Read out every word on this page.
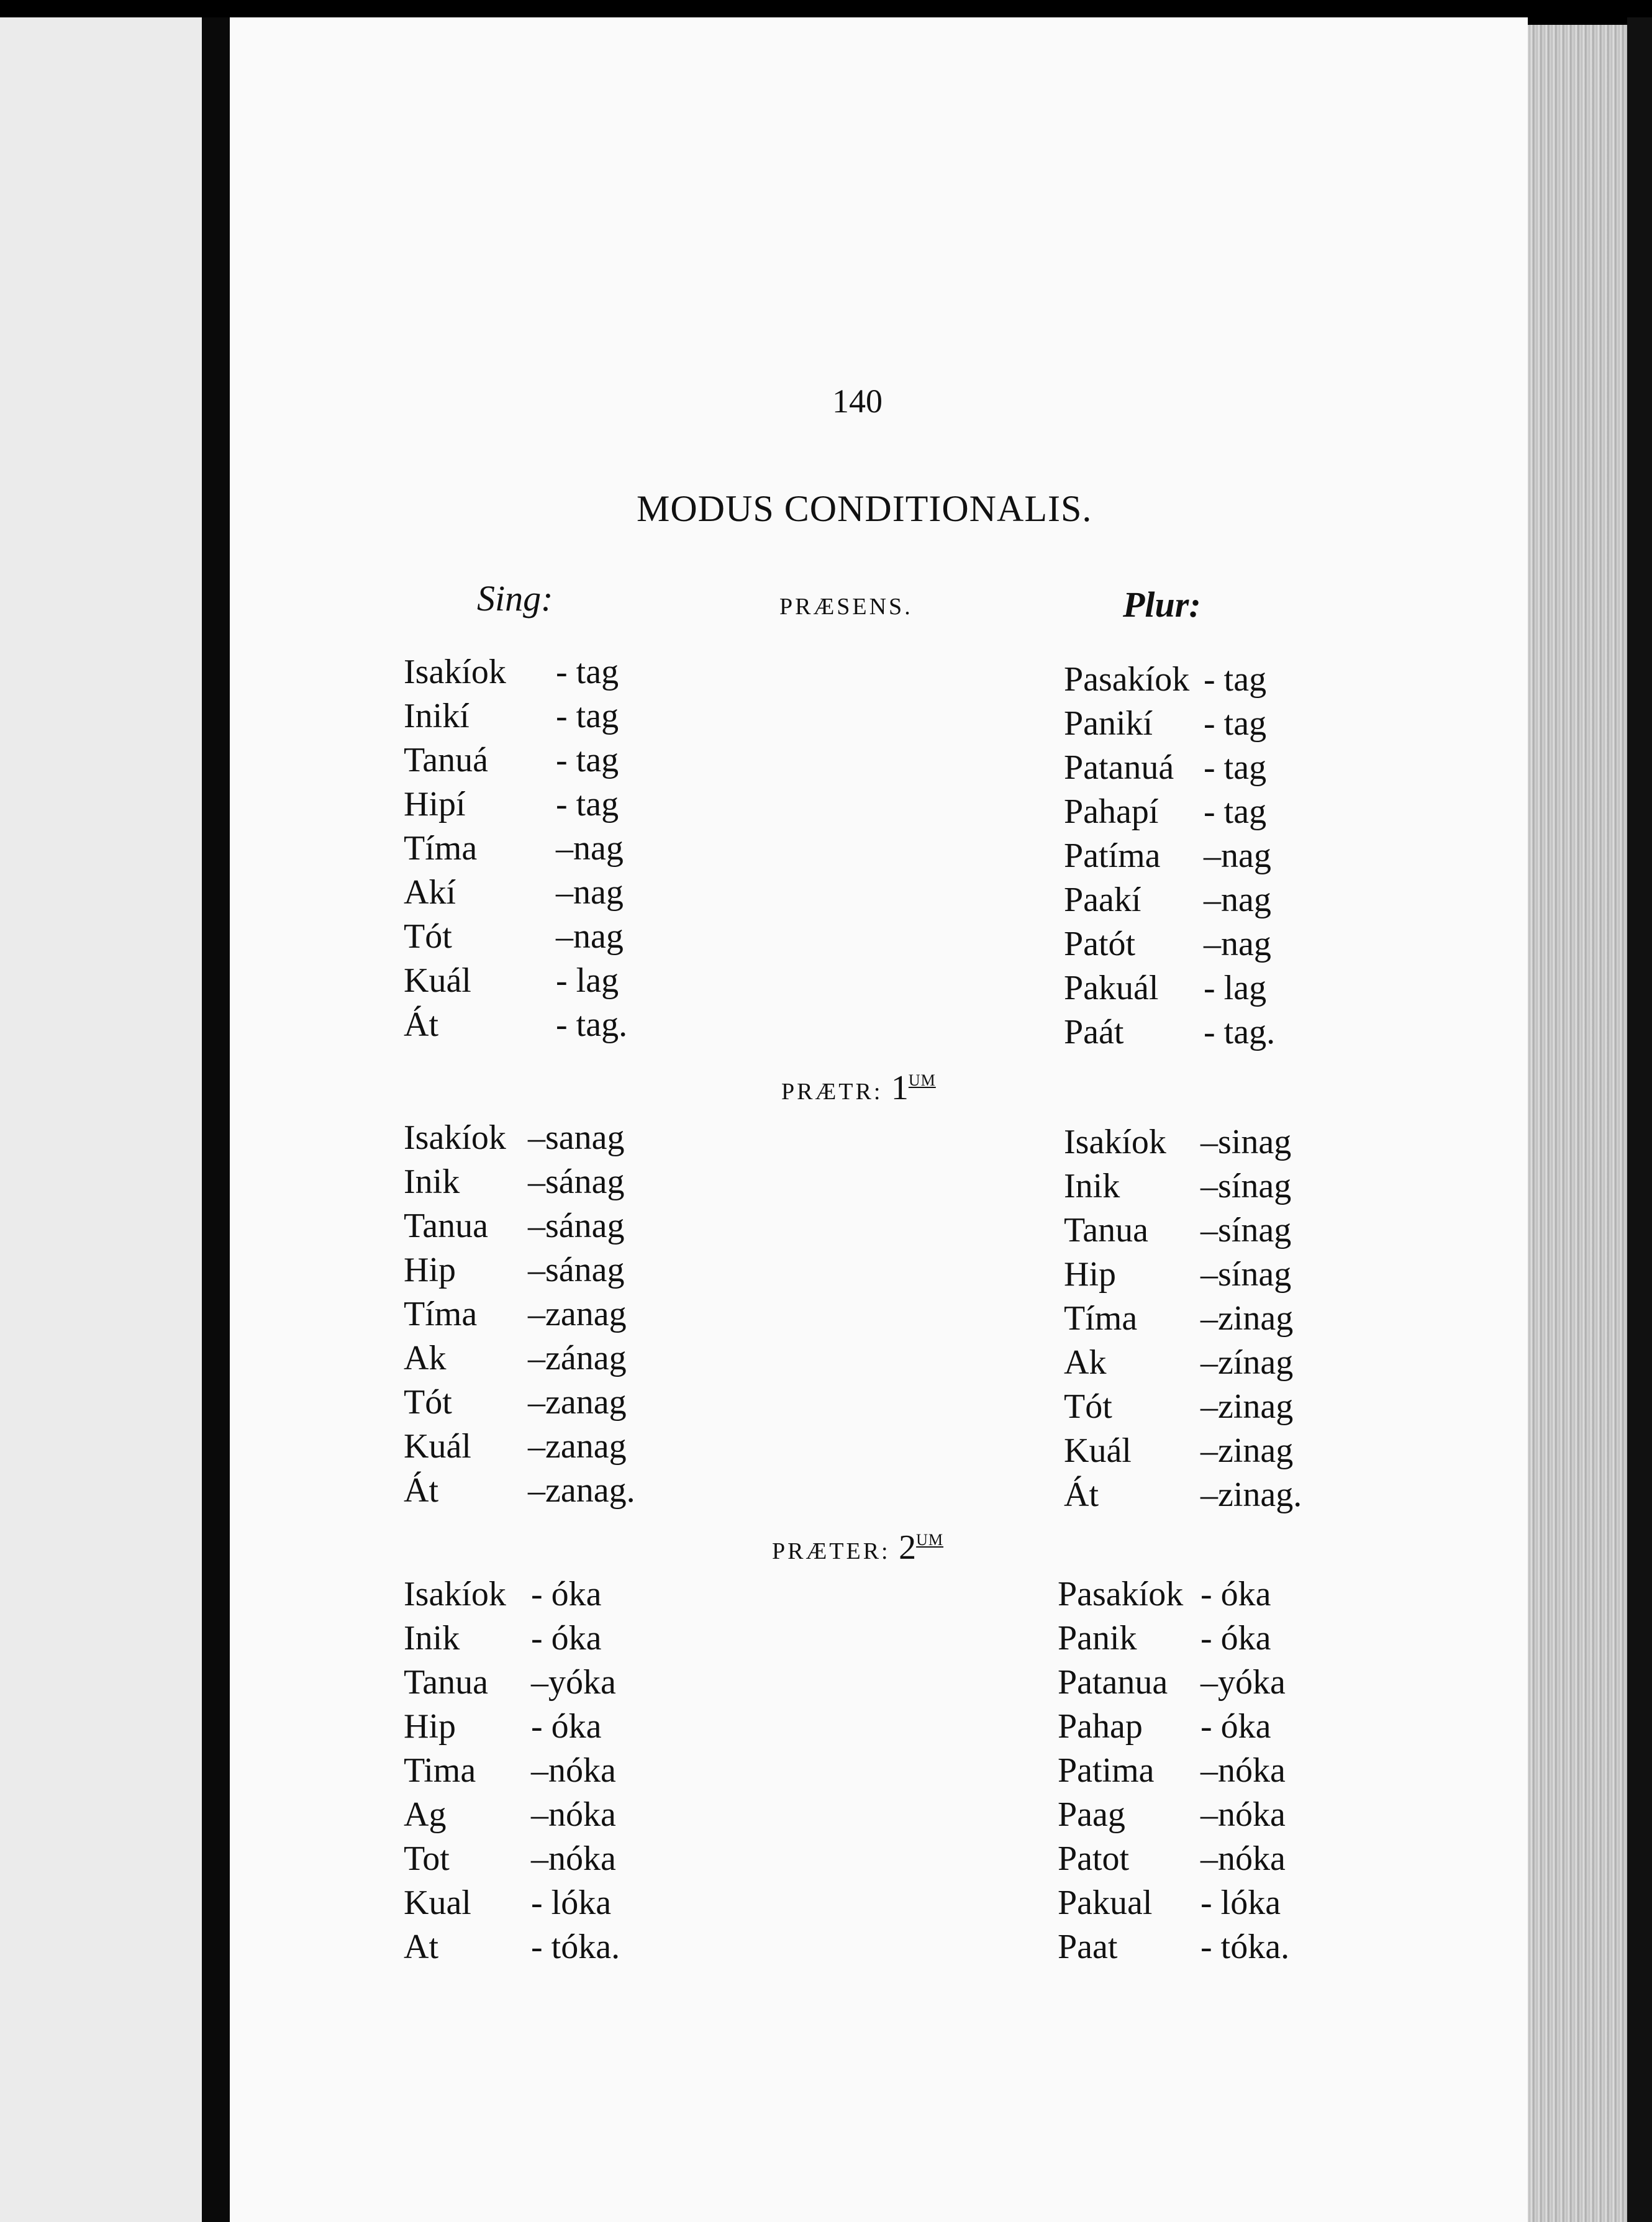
140
MODUS CONDITIONALIS.
Sing:	Plur:
PRÆSENS.
PRÆTR: $1^{UM}$
PRÆTER: $2^{UM}$
Isakíok - tag
Inikí - tag
Tanuá - tag
Hipí	- tag
Tíma –nag
Akí	–nag
Tót	–nag
Kuál - lag
Át	- tag.
Pasakíok - tag
Panikí - tag
Patanuá - tag
Pahapí - tag
Patíma –nag
Paakí –nag
Patót –nag
Pakuál - lag
Paát - tag.
Isakíok –sanag
Inik –sánag
Tanua –sánag
Hip –sánag
Tíma –zanag
Ak –zánag
Tót –zanag
Kuál –zanag
Át	–zanag.
Isakíok –sinag
Inik –sínag
Tanua –sínag
Hip –sínag
Tíma –zinag
Ak	–zínag
Tót	–zinag
Kuál –zinag
Át	–zinag.
Isakíok - óka
Inik - óka
Tanua –yóka
Hip - óka
Tima –nóka
Ag –nóka
Tot –nóka
Kual - lóka
At	- tóka.
Pasakíok - óka
Panik - óka
Patanua –yóka
Pahap - óka
Patima –nóka
Paag –nóka
Patot –nóka
Pakual - lóka
Paat - tóka.
